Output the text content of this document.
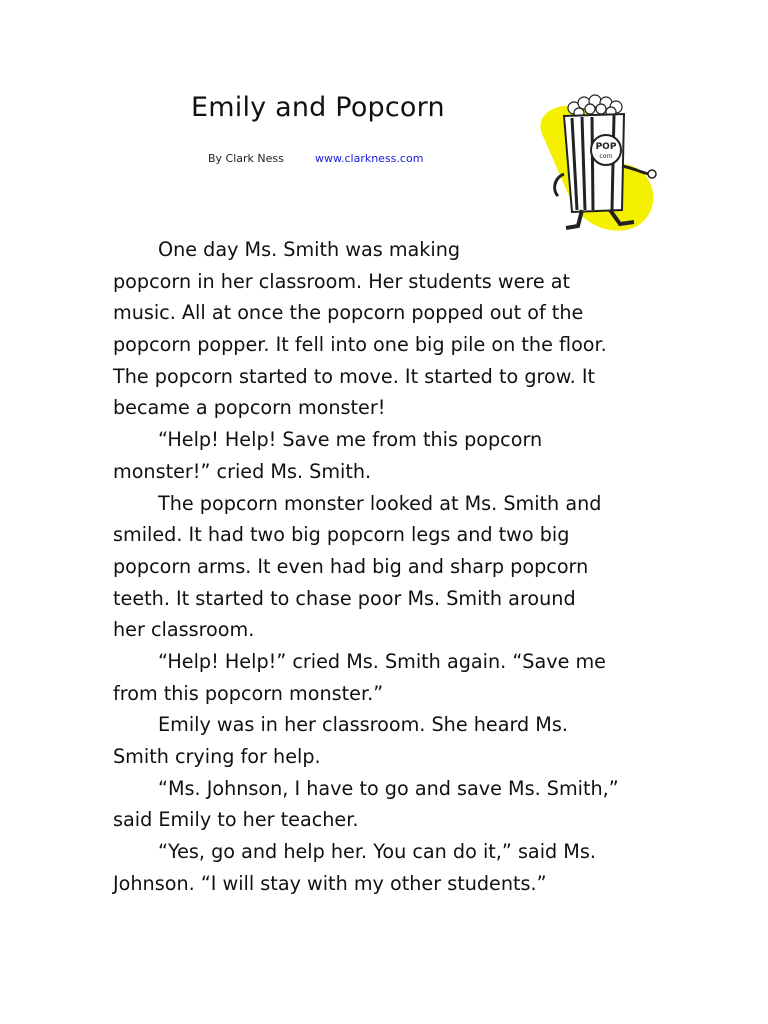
Emily and Popcorn
By Clark Ness	www.clarkness.com
POP
corn
One day Ms. Smith was making
popcorn in her classroom. Her students were at
music. All at once the popcorn popped out of the
popcorn popper. It fell into one big pile on the floor.
The popcorn started to move. It started to grow. It
became a popcorn monster!
“Help! Help! Save me from this popcorn
monster!” cried Ms. Smith.
The popcorn monster looked at Ms. Smith and
smiled. It had two big popcorn legs and two big
popcorn arms. It even had big and sharp popcorn
teeth. It started to chase poor Ms. Smith around
her classroom.
“Help! Help!” cried Ms. Smith again. “Save me
from this popcorn monster.”
Emily was in her classroom. She heard Ms.
Smith crying for help.
“Ms. Johnson, I have to go and save Ms. Smith,”
said Emily to her teacher.
“Yes, go and help her. You can do it,” said Ms.
Johnson. “I will stay with my other students.”
